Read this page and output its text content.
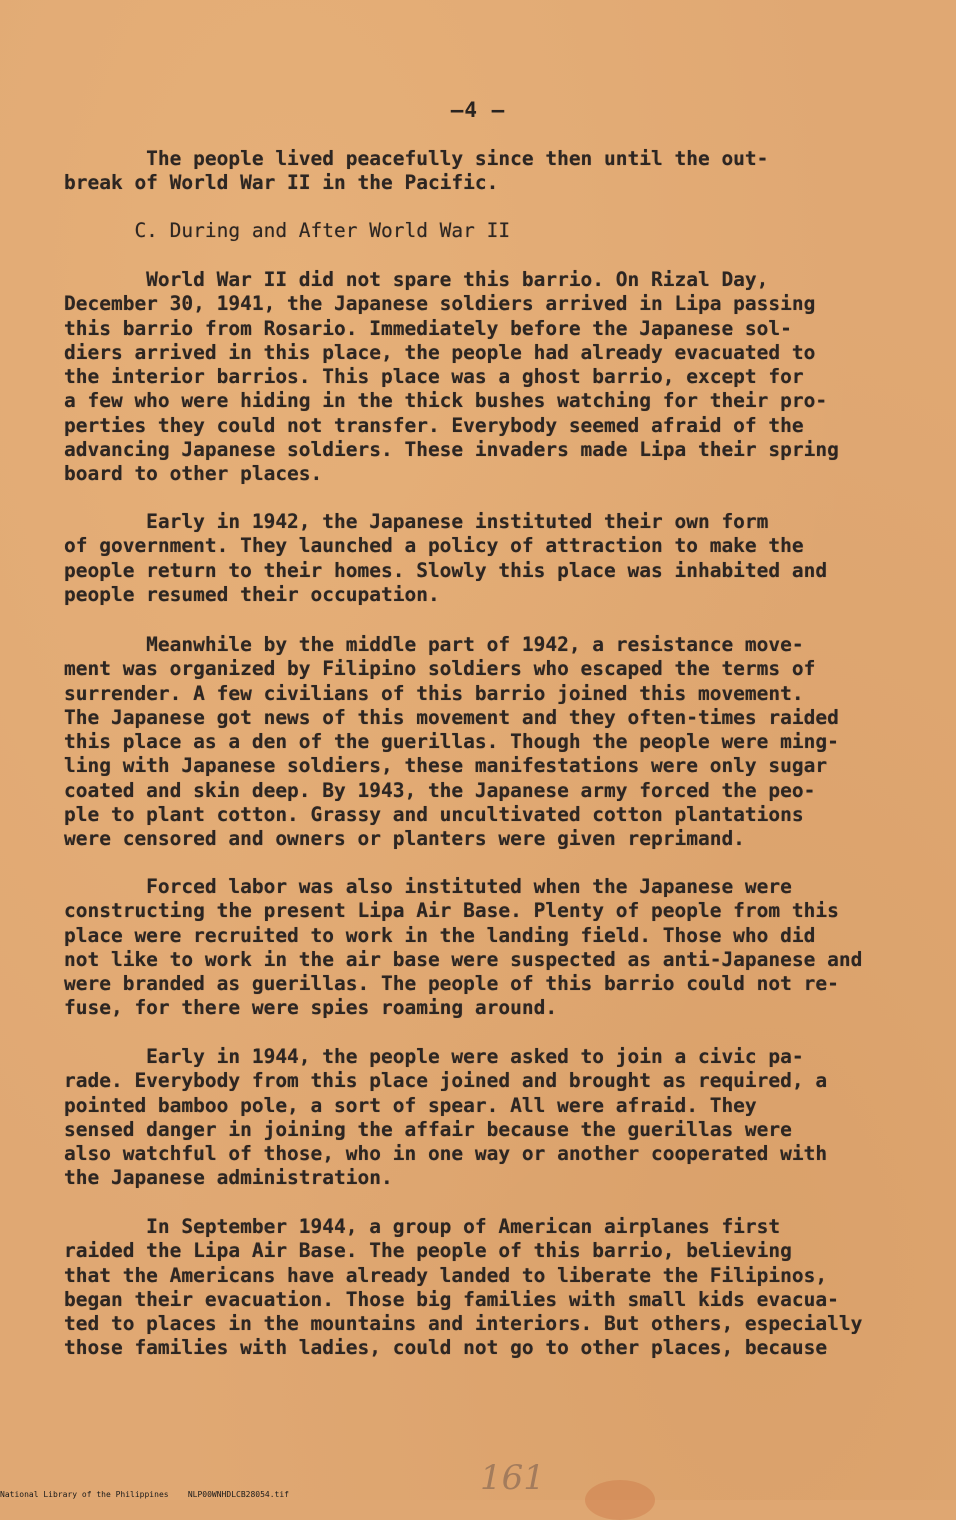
—4 —
The people lived peacefully since then until the out-
break of World War II in the Pacific.
C. During and After World War II
World War II did not spare this barrio. On Rizal Day,
December 30, 1941, the Japanese soldiers arrived in Lipa passing
this barrio from Rosario. Immediately before the Japanese sol-
diers arrived in this place, the people had already evacuated to
the interior barrios. This place was a ghost barrio, except for
a few who were hiding in the thick bushes watching for their pro-
perties they could not transfer. Everybody seemed afraid of the
advancing Japanese soldiers. These invaders made Lipa their spring
board to other places.
Early in 1942, the Japanese instituted their own form
of government. They launched a policy of attraction to make the
people return to their homes. Slowly this place was inhabited and
people resumed their occupation.
Meanwhile by the middle part of 1942, a resistance move-
ment was organized by Filipino soldiers who escaped the terms of
surrender. A few civilians of this barrio joined this movement.
The Japanese got news of this movement and they often-times raided
this place as a den of the guerillas. Though the people were ming-
ling with Japanese soldiers, these manifestations were only sugar
coated and skin deep. By 1943, the Japanese army forced the peo-
ple to plant cotton. Grassy and uncultivated cotton plantations
were censored and owners or planters were given reprimand.
Forced labor was also instituted when the Japanese were
constructing the present Lipa Air Base. Plenty of people from this
place were recruited to work in the landing field. Those who did
not like to work in the air base were suspected as anti-Japanese and
were branded as guerillas. The people of this barrio could not re-
fuse, for there were spies roaming around.
Early in 1944, the people were asked to join a civic pa-
rade. Everybody from this place joined and brought as required, a
pointed bamboo pole, a sort of spear. All were afraid. They
sensed danger in joining the affair because the guerillas were
also watchful of those, who in one way or another cooperated with
the Japanese administration.
In September 1944, a group of American airplanes first
raided the Lipa Air Base. The people of this barrio, believing
that the Americans have already landed to liberate the Filipinos,
began their evacuation. Those big families with small kids evacua-
ted to places in the mountains and interiors. But others, especially
those families with ladies, could not go to other places, because
161
National Library of the Philippines    NLP00WNHDLCB28054.tif
